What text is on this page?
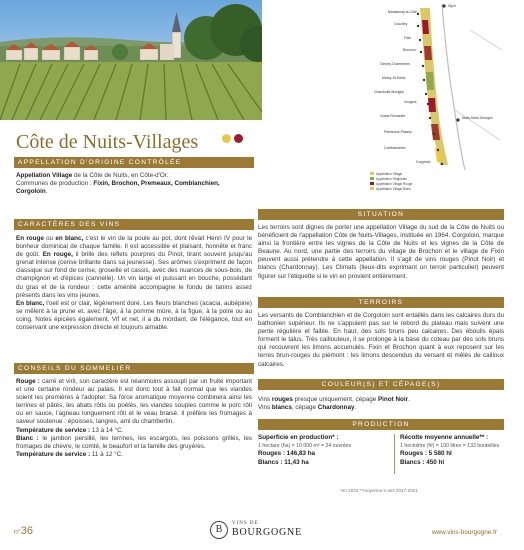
Marsannay-la-Côte
Couchey
Fixin
Brochon
Gevrey-Chambertin
Morey-St-Denis
Chambolle-Musigny
Vougeot
Vosne-Romanée	Nuits-Saint-Georges
Premeaux-Prissey
Comblanchien
Corgoloin
Dijon
Appellation Village
Appellation Régionale
Appellation Village Rouge
Appellation Village Blanc
Côte de Nuits-Villages
APPELLATION D'ORIGINE CONTRÔLÉE

Appellation Village de la Côte de Nuits, en Côte-d'Or.

Communes de production : Fixin, Brochon, Premeaux, Comblanchien, Corgoloin.

CARACTÈRES DES VINS

En rouge ou en blanc, c'est le vin de la poule au pot, dont rêvait Henri IV pour le bonheur dominical de chaque famille. Il est accessible et plaisant, honnête et franc de goût. En rouge, il brille des reflets pourpres du Pinot, tirant souvent jusqu'au grenat intense (cerise brillante dans sa jeunesse). Ses arômes s'expriment de façon classique sur fond de cerise, groseille et cassis, avec des nuances de sous-bois, de champignon et d'épices (cannelle). Un vin large et puissant en bouche, possédant du gras et de la rondeur : cette aménité accompagne le fondu de tanins assez présents dans les vins jeunes.

En blanc, l'oeil est or clair, légèrement doré. Les fleurs blanches (acacia, aubépine) se mêlent à la prune et, avec l'âge, à la pomme mûre, à la figue, à la poire ou au coing. Notes épicées également. Vif et net, il a du mordant, de l'élégance, tout en conservant une expression directe et toujours aimable.

CONSEILS DU SOMMELIER

Rouge : carré et viril, son caractère est néanmoins assoupli par un fruité important et une certaine rondeur au palais. Il est donc tout à fait normal que les viandes soient les premières à l'adopter. Sa force aromatique moyenne combinera ainsi les terrines et pâtés, les abats rôtis ou poêlés, les viandes souples comme le porc rôti ou en sauce, l'agneau longuement rôti et le veau braisé. Il préfère les fromages à saveur soutenue : époisses, langres, ami du chambertin.

Température de service : 13 à 14 °C.

Blanc : le jambon persillé, les terrines, les escargots, les poissons grillés, les fromages de chèvre, le comté, le beaufort et la famille des gruyères.

Température de service : 11 à 12 °C.

SITUATION
Les terroirs sont dignes de porter une appellation Village du sud de la Côte de Nuits ou bénéficient de l'appellation Côte de Nuits-Villages, instituée en 1964. Corgoloin, marque ainsi la frontière entre les vignes de la Côte de Nuits et les vignes de la Côte de Beaune. Au nord, une partie des terroirs du village de Brochon et le village de Fixin peuvent aussi prétendre à cette appellation. Il s'agit de vins rouges (Pinot Noir) et blancs (Chardonnay). Les Climats (lieux-dits exprimant un terroir particulier) peuvent figurer sur l'étiquette si le vin en provient entièrement.
TERROIRS
Les versants de Comblanchien et de Corgoloin sont entaillés dans les calcaires durs du bathonien supérieur. Ils ne s'appuient pas sur le rebord du plateau mais suivent une pente régulière et faible. En haut, des sols bruns peu calcaires. Des éboulis épais forment le talus. Très caillouteux, il se prolonge à la base du coteau par des sols bruns qui recouvrent les limons accumulés. Fixin et Brochon quant à eux reposent sur les terres brun-rouges du piémont : les limons descendus du versant et mêlés de cailloux calcaires.
COULEUR(S) ET CÉPAGE(S)

Vins rouges presque uniquement, cépage Pinot Noir.

Vins blancs, cépage Chardonnay.

PRODUCTION
Superficie en production* :
1 hectare (ha) = 10 000 m² = 24 ouvrées
Rouges : 146,83 ha
Blancs : 11,43 ha
Récolte moyenne annuelle** :
1 hectolitre (hl) = 100 litres = 133 bouteilles
Rouges : 5 580 hl
Blancs : 450 hl
*en 2022 **moyenne 5 ans 2017-2021
n°36	B
VINS DE
BOURGOGNE	www.vins-bourgogne.fr
